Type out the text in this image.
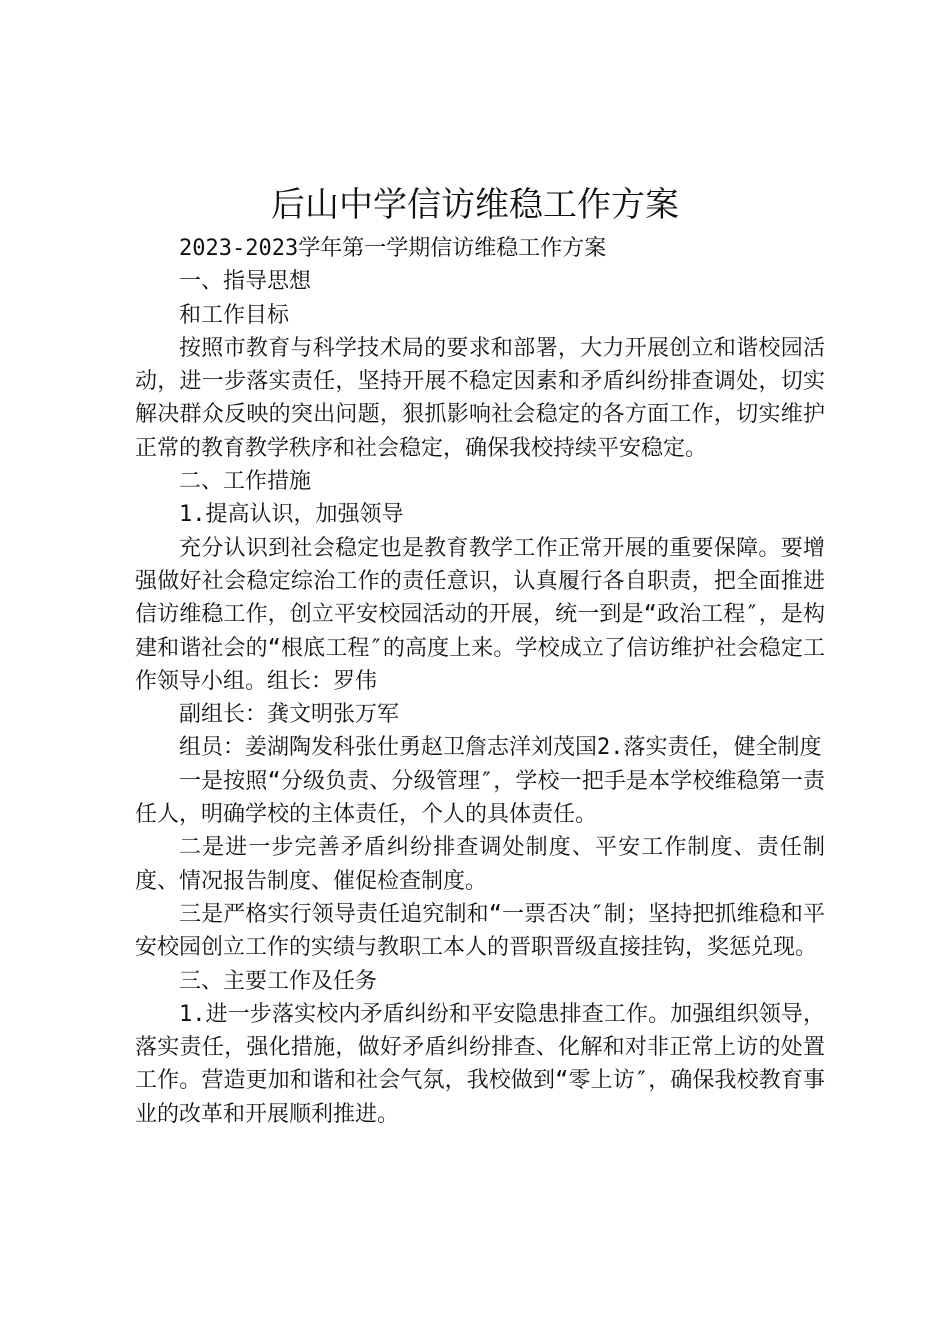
后山中学信访维稳工作方案

2023-2023学年第一学期信访维稳工作方案

一、指导思想

和工作目标

按照市教育与科学技术局的要求和部署，大力开展创立和谐校园活动，进一步落实责任，坚持开展不稳定因素和矛盾纠纷排查调处，切实解决群众反映的突出问题，狠抓影响社会稳定的各方面工作，切实维护正常的教育教学秩序和社会稳定，确保我校持续平安稳定。

二、工作措施

1.提高认识，加强领导

充分认识到社会稳定也是教育教学工作正常开展的重要保障。要增强做好社会稳定综治工作的责任意识，认真履行各自职责，把全面推进信访维稳工作，创立平安校园活动的开展，统一到是“政治工程″，是构建和谐社会的“根底工程″的高度上来。学校成立了信访维护社会稳定工作领导小组。组长：罗伟

副组长：龚文明张万军

组员：姜湖陶发科张仕勇赵卫詹志洋刘茂国2.落实责任，健全制度

一是按照“分级负责、分级管理″，学校一把手是本学校维稳第一责任人，明确学校的主体责任，个人的具体责任。

二是进一步完善矛盾纠纷排查调处制度、平安工作制度、责任制度、情况报告制度、催促检查制度。

三是严格实行领导责任追究制和“一票否决″制；坚持把抓维稳和平安校园创立工作的实绩与教职工本人的晋职晋级直接挂钩，奖惩兑现。

三、主要工作及任务

1.进一步落实校内矛盾纠纷和平安隐患排查工作。加强组织领导，落实责任，强化措施，做好矛盾纠纷排查、化解和对非正常上访的处置工作。营造更加和谐和社会气氛，我校做到“零上访″，确保我校教育事业的改革和开展顺利推进。
